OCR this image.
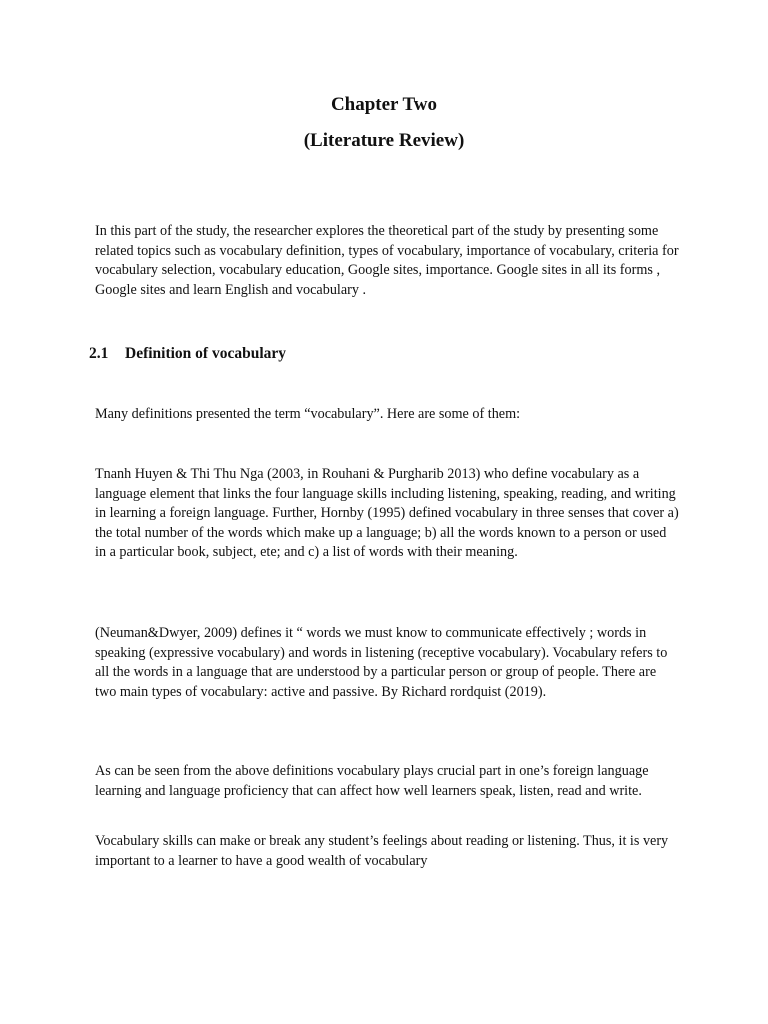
Chapter Two
(Literature Review)

In this part of the study, the researcher explores the theoretical part of the study by presenting some related topics such as vocabulary definition, types of vocabulary, importance of vocabulary, criteria for vocabulary selection, vocabulary education, Google sites, importance. Google sites in all its forms , Google sites and learn English and vocabulary .

2.1 Definition of vocabulary

Many definitions presented the term “vocabulary”. Here are some of them:

Tnanh Huyen & Thi Thu Nga (2003, in Rouhani & Purgharib 2013) who define vocabulary as a language element that links the four language skills including listening, speaking, reading, and writing in learning a foreign language. Further, Hornby (1995) defined vocabulary in three senses that cover a) the total number of the words which make up a language; b) all the words known to a person or used in a particular book, subject, ete; and c) a list of words with their meaning.

(Neuman&Dwyer, 2009) defines it “ words we must know to communicate effectively ; words in speaking (expressive vocabulary) and words in listening (receptive vocabulary). Vocabulary refers to all the words in a language that are understood by a particular person or group of people. There are two main types of vocabulary: active and passive. By Richard rordquist (2019).

As can be seen from the above definitions vocabulary plays crucial part in one’s foreign language learning and language proficiency that can affect how well learners speak, listen, read and write.

Vocabulary skills can make or break any student’s feelings about reading or listening. Thus, it is very important to a learner to have a good wealth of vocabulary
